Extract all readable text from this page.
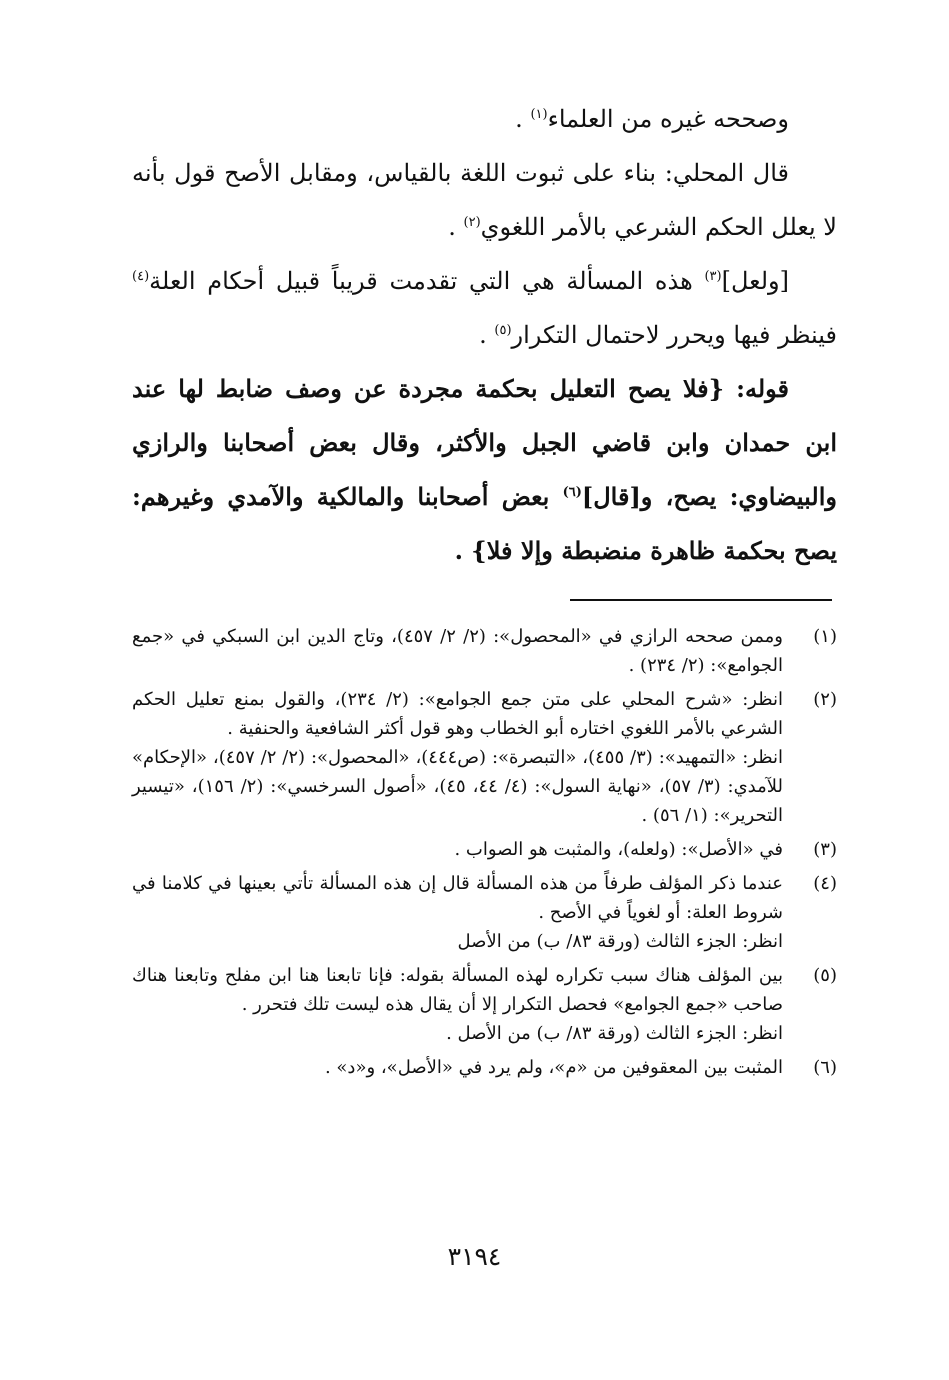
وصححه غيره من العلماء$^{(١)}$ .

قال المحلي: بناء على ثبوت اللغة بالقياس، ومقابل الأصح قول بأنه لا يعلل الحكم الشرعي بالأمر اللغوي$^{(٢)}$ .

[ولعل]$^{(٣)}$ هذه المسألة هي التي تقدمت قريباً قبيل أحكام العلة$^{(٤)}$ فينظر فيها ويحرر لاحتمال التكرار$^{(٥)}$ .

قوله: {فلا يصح التعليل بحكمة مجردة عن وصف ضابط لها عند ابن حمدان وابن قاضي الجبل والأكثر، وقال بعض أصحابنا والرازي والبيضاوي: يصح، و[قال]$^{(٦)}$ بعض أصحابنا والمالكية والآمدي وغيرهم: يصح بحكمة ظاهرة منضبطة وإلا فلا} .

(١)
وممن صححه الرازي في «المحصول»: (٢/ ٢/ ٤٥٧)، وتاج الدين ابن السبكي في «جمع الجوامع»: (٢/ ٢٣٤) .
(٢)
انظر: «شرح المحلي على متن جمع الجوامع»: (٢/ ٢٣٤)، والقول بمنع تعليل الحكم الشرعي بالأمر اللغوي اختاره أبو الخطاب وهو قول أكثر الشافعية والحنفية .
انظر: «التمهيد»: (٣/ ٤٥٥)، «التبصرة»: (ص٤٤٤)، «المحصول»: (٢/ ٢/ ٤٥٧)، «الإحكام» للآمدي: (٣/ ٥٧)، «نهاية السول»: (٤/ ٤٤، ٤٥)، «أصول السرخسي»: (٢/ ١٥٦)، «تيسير التحرير»: (١/ ٥٦) .
(٣)
في «الأصل»: (ولعله)، والمثبت هو الصواب .
(٤)
عندما ذكر المؤلف طرفاً من هذه المسألة قال إن هذه المسألة تأتي بعينها في كلامنا في شروط العلة: أو لغوياً في الأصح .
انظر: الجزء الثالث (ورقة ٨٣/ ب) من الأصل
(٥)
بين المؤلف هناك سبب تكراره لهذه المسألة بقوله: فإنا تابعنا هنا ابن مفلح وتابعنا هناك صاحب «جمع الجوامع» فحصل التكرار إلا أن يقال هذه ليست تلك فتحرر .
انظر: الجزء الثالث (ورقة ٨٣/ ب) من الأصل .
(٦)
المثبت بين المعقوفين من «م»، ولم يرد في «الأصل»، و«د» .
٣١٩٤
